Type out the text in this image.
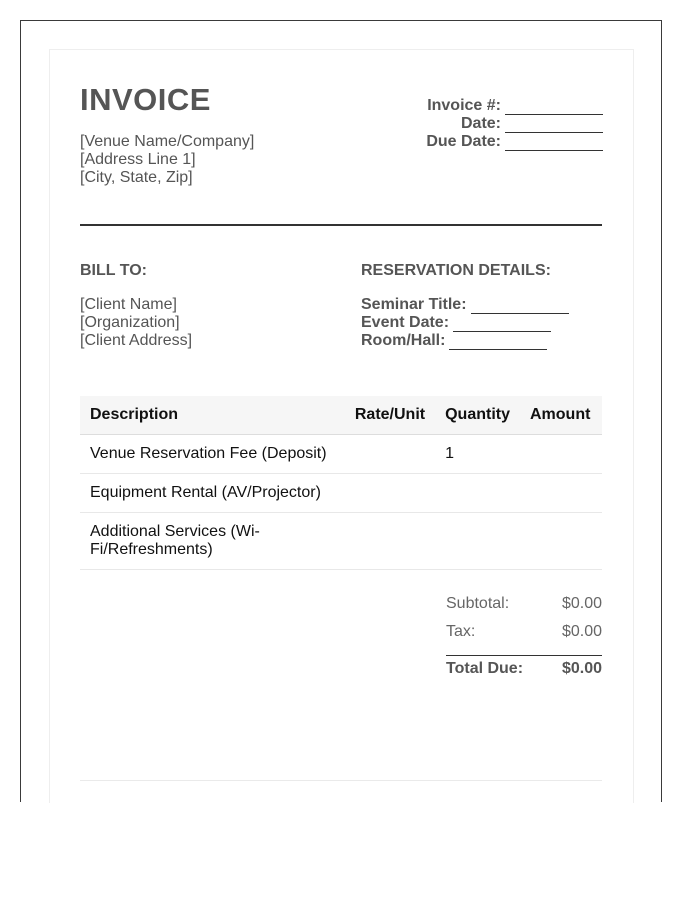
INVOICE
[Venue Name/Company]
[Address Line 1]
[City, State, Zip]
Invoice #:
Date:
Due Date:
BILL TO:
[Client Name]
[Organization]
[Client Address]
RESERVATION DETAILS:
Seminar Title:
Event Date:
Room/Hall:
Description	Rate/Unit	Quantity	Amount
Venue Reservation Fee (Deposit)		1	
Equipment Rental (AV/Projector)			
Additional Services (Wi-Fi/Refreshments)			
Subtotal:	$0.00
Tax:	$0.00
Total Due: $0.00
